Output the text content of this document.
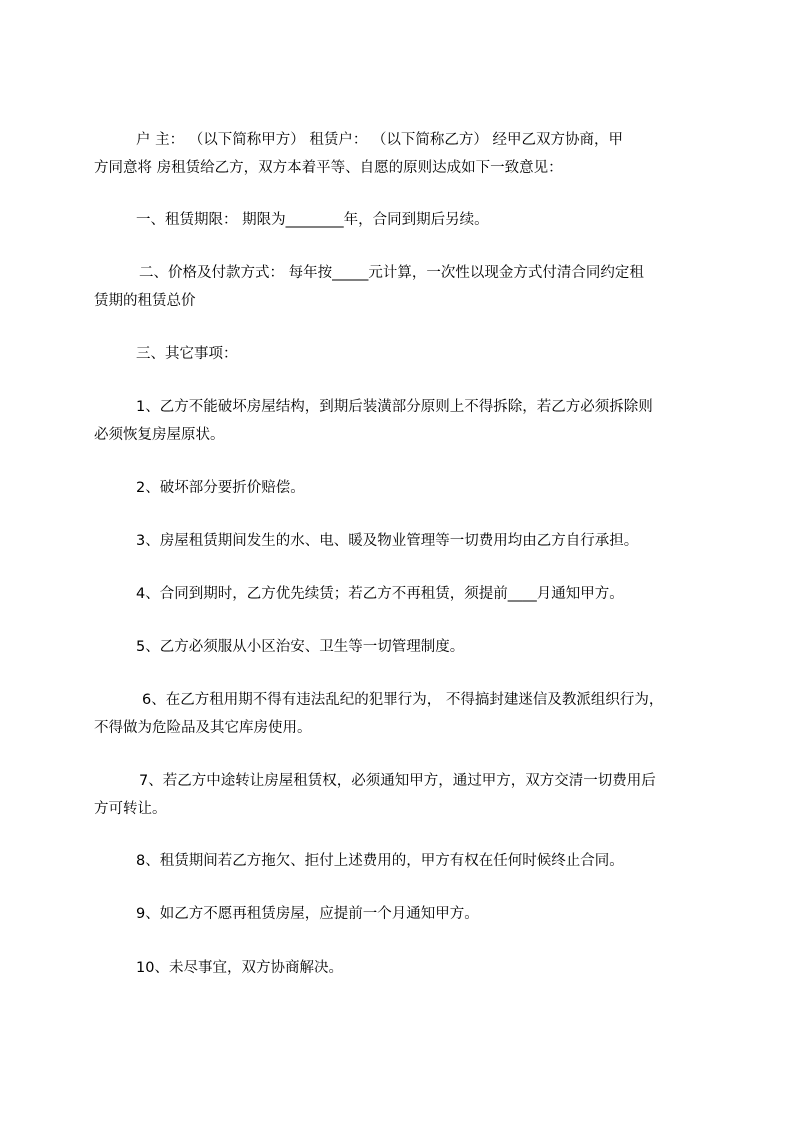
户 主： （以下简称甲方） 租赁户： （以下简称乙方） 经甲乙双方协商，甲
方同意将 房租赁给乙方，双方本着平等、自愿的原则达成如下一致意见：

一、租赁期限： 期限为________年，合同到期后另续。

二、价格及付款方式： 每年按_____元计算，一次性以现金方式付清合同约定租
赁期的租赁总价

三、其它事项：

1、乙方不能破坏房屋结构，到期后装潢部分原则上不得拆除，若乙方必须拆除则
必须恢复房屋原状。

2、破坏部分要折价赔偿。

3、房屋租赁期间发生的水、电、暖及物业管理等一切费用均由乙方自行承担。

4、合同到期时，乙方优先续赁；若乙方不再租赁，须提前____月通知甲方。

5、乙方必须服从小区治安、卫生等一切管理制度。

6、在乙方租用期不得有违法乱纪的犯罪行为， 不得搞封建迷信及教派组织行为，
不得做为危险品及其它库房使用。

7、若乙方中途转让房屋租赁权，必须通知甲方，通过甲方，双方交清一切费用后
方可转让。

8、租赁期间若乙方拖欠、拒付上述费用的，甲方有权在任何时候终止合同。

9、如乙方不愿再租赁房屋，应提前一个月通知甲方。

10、未尽事宜，双方协商解决。
